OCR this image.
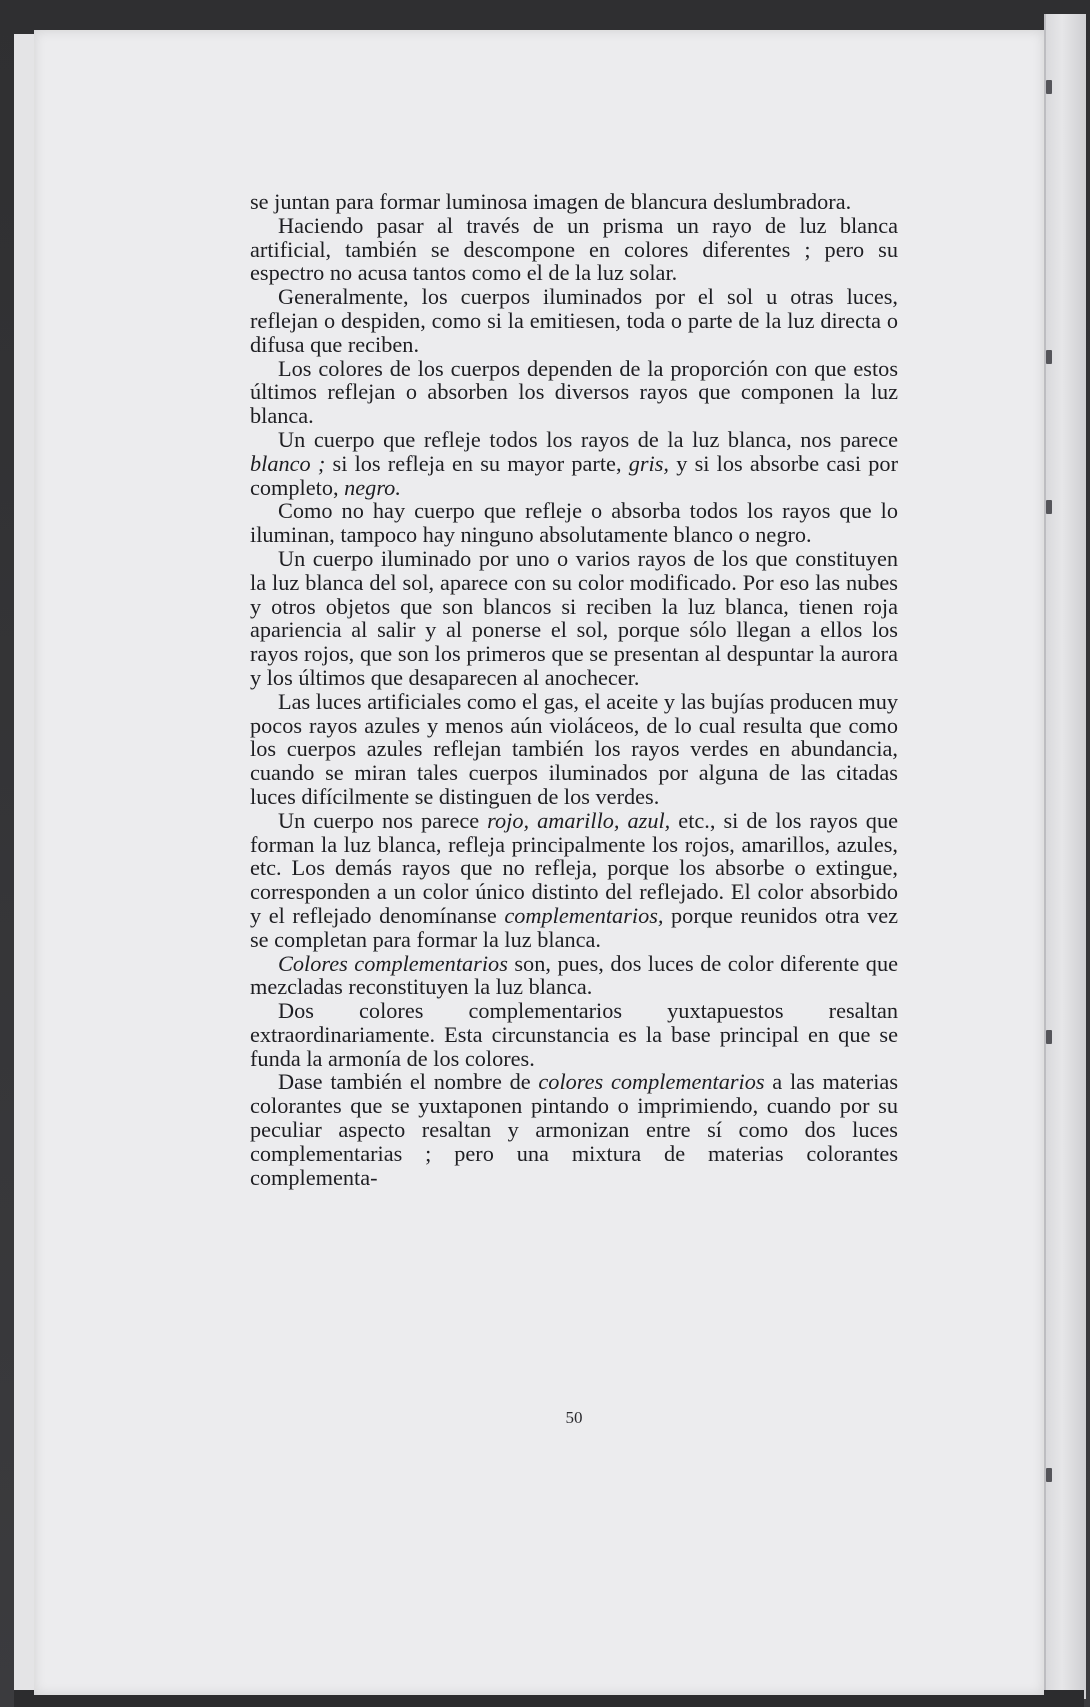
se juntan para formar luminosa imagen de blancura deslumbradora.

Haciendo pasar al través de un prisma un rayo de luz blanca artificial, también se descompone en colores diferentes ; pero su espectro no acusa tantos como el de la luz solar.

Generalmente, los cuerpos iluminados por el sol u otras luces, reflejan o despiden, como si la emitiesen, toda o parte de la luz directa o difusa que reciben.

Los colores de los cuerpos dependen de la proporción con que estos últimos reflejan o absorben los diversos rayos que componen la luz blanca.

Un cuerpo que refleje todos los rayos de la luz blanca, nos parece blanco ; si los refleja en su mayor parte, gris, y si los absorbe casi por completo, negro.

Como no hay cuerpo que refleje o absorba todos los rayos que lo iluminan, tampoco hay ninguno absolutamente blanco o negro.

Un cuerpo iluminado por uno o varios rayos de los que constituyen la luz blanca del sol, aparece con su color modificado. Por eso las nubes y otros objetos que son blancos si reciben la luz blanca, tienen roja apariencia al salir y al ponerse el sol, porque sólo llegan a ellos los rayos rojos, que son los primeros que se presentan al despuntar la aurora y los últimos que desaparecen al anochecer.

Las luces artificiales como el gas, el aceite y las bujías producen muy pocos rayos azules y menos aún violáceos, de lo cual resulta que como los cuerpos azules reflejan también los rayos verdes en abundancia, cuando se miran tales cuerpos iluminados por alguna de las citadas luces difícilmente se distinguen de los verdes.

Un cuerpo nos parece rojo, amarillo, azul, etc., si de los rayos que forman la luz blanca, refleja principalmente los rojos, amarillos, azules, etc. Los demás rayos que no refleja, porque los absorbe o extingue, corresponden a un color único distinto del reflejado. El color absorbido y el reflejado denomínanse complementarios, porque reunidos otra vez se completan para formar la luz blanca.

Colores complementarios son, pues, dos luces de color diferente que mezcladas reconstituyen la luz blanca.

Dos colores complementarios yuxtapuestos resaltan extraordinariamente. Esta circunstancia es la base principal en que se funda la armonía de los colores.

Dase también el nombre de colores complementarios a las materias colorantes que se yuxtaponen pintando o imprimiendo, cuando por su peculiar aspecto resaltan y armonizan entre sí como dos luces complementarias ; pero una mixtura de materias colorantes complementa-

50
